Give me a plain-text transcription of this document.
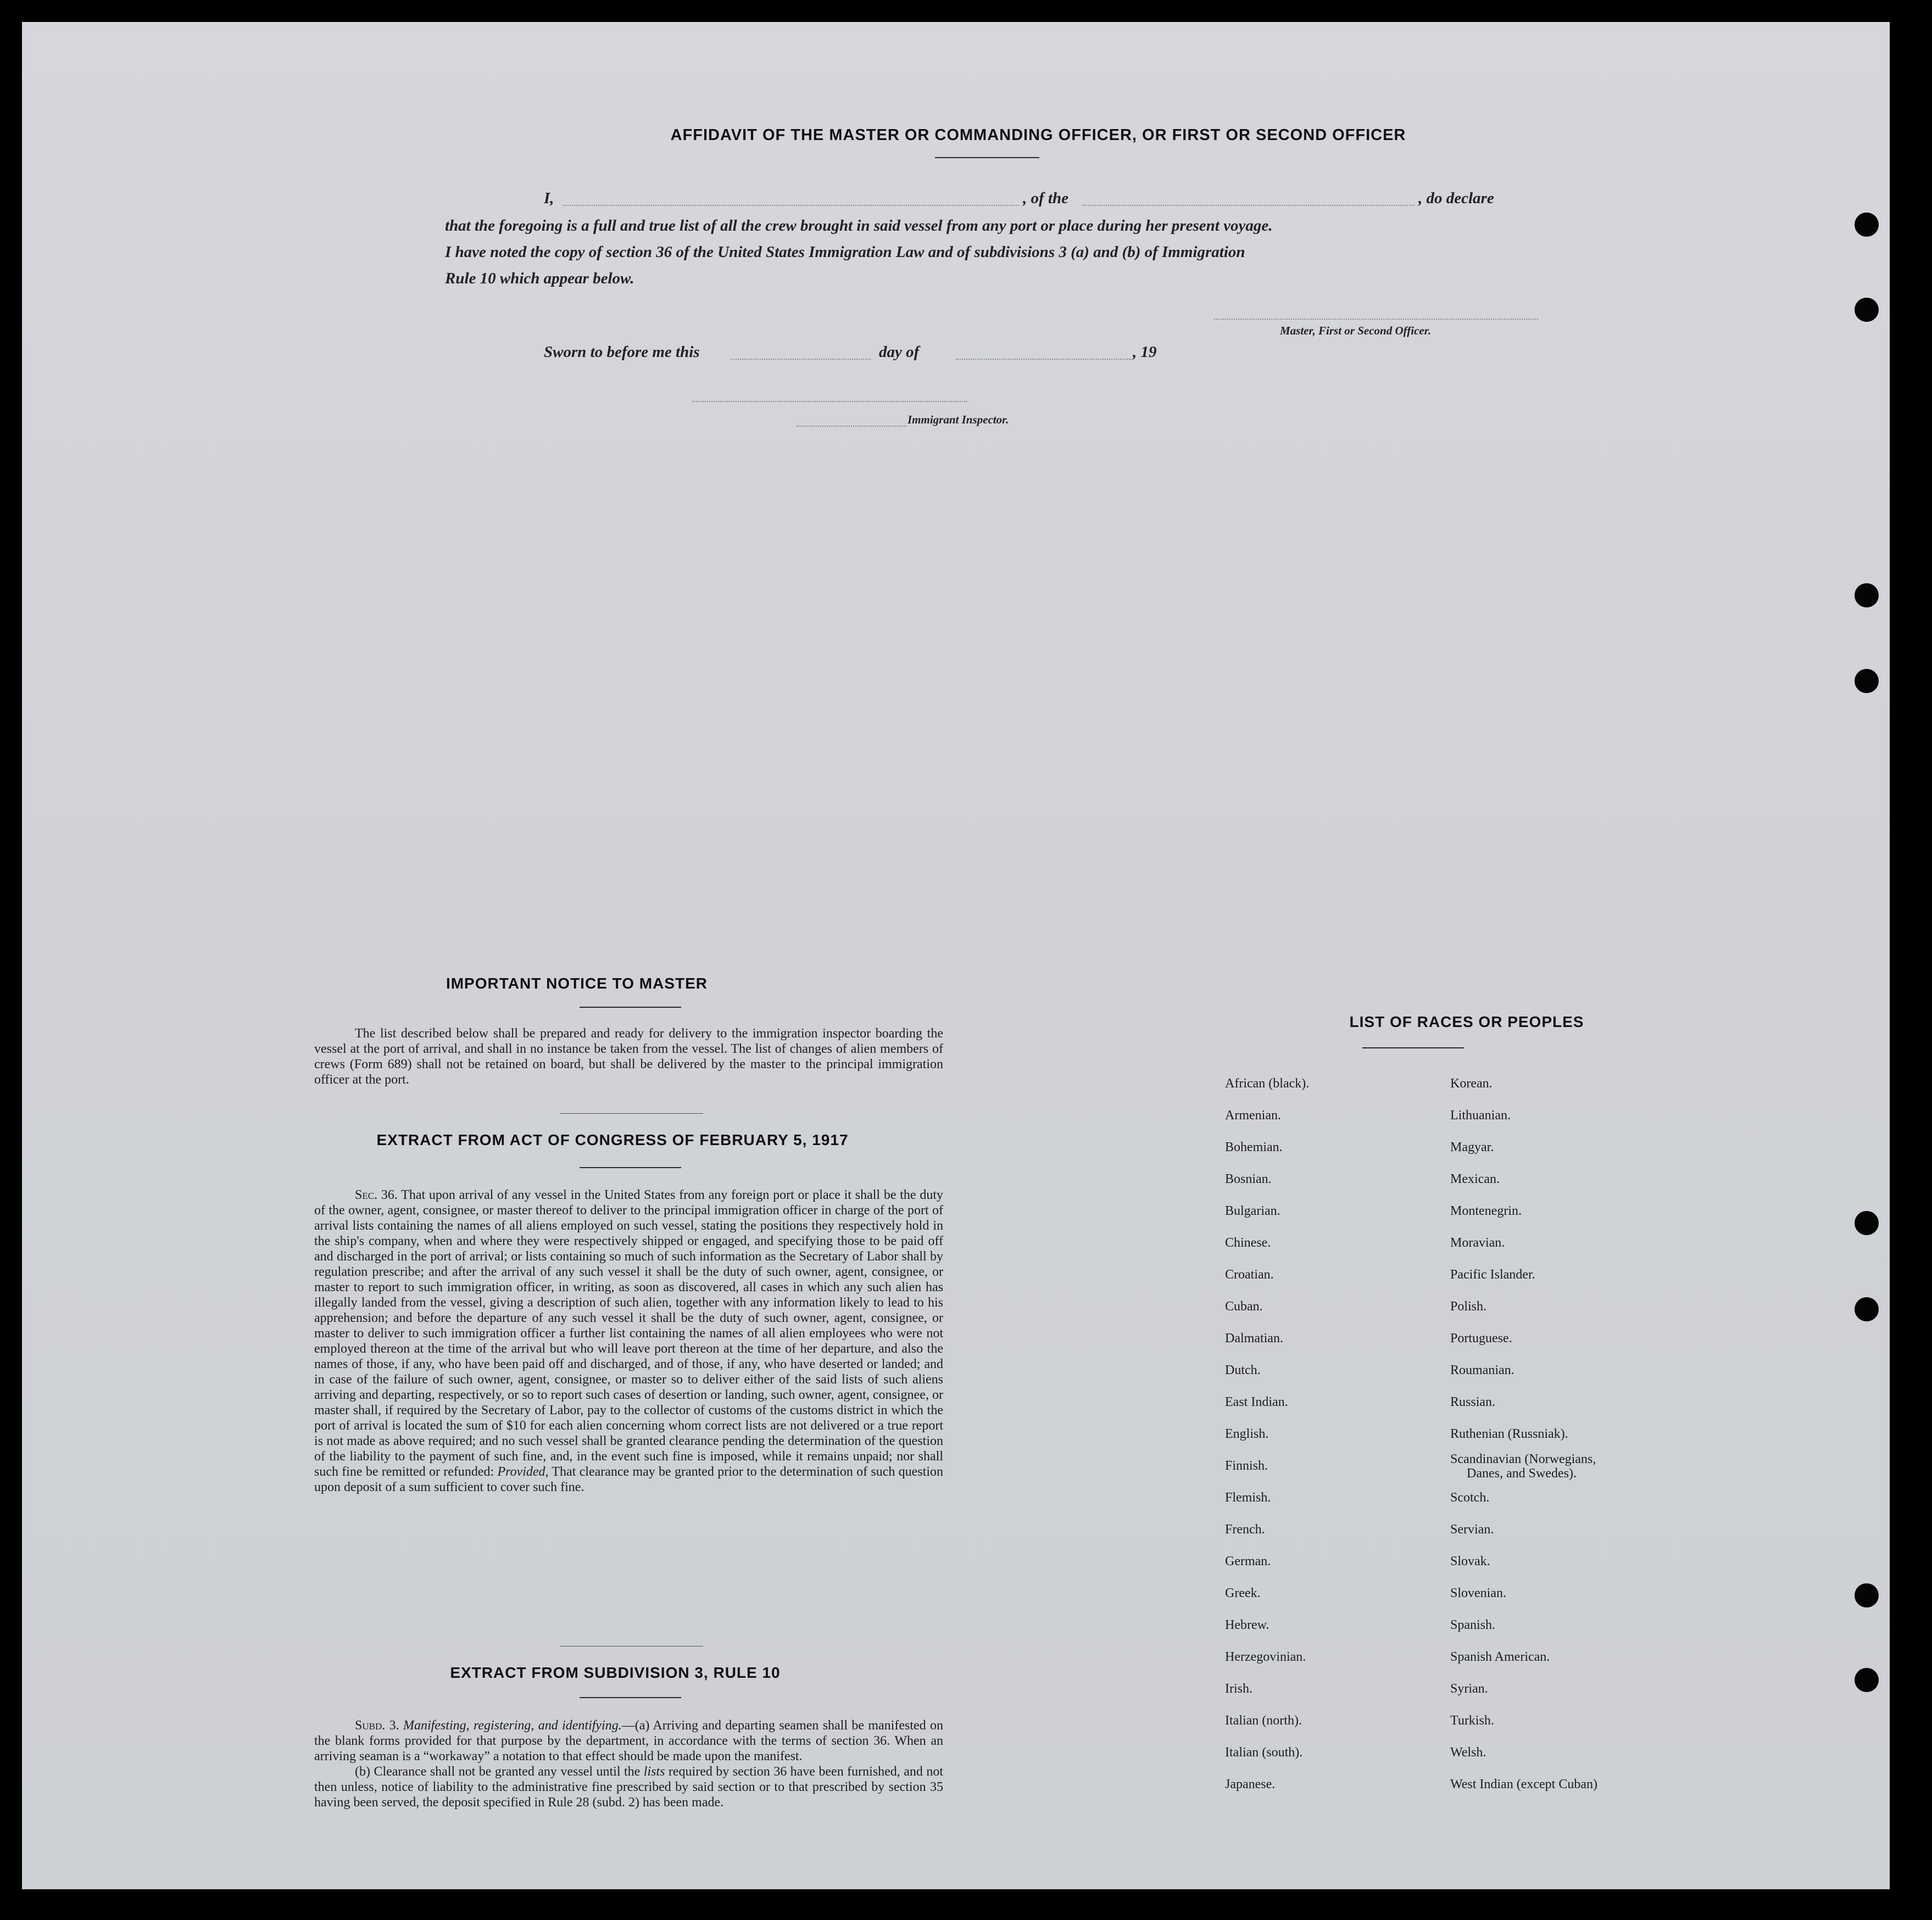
AFFIDAVIT OF THE MASTER OR COMMANDING OFFICER, OR FIRST OR SECOND OFFICER
I,	, of the	, do declare
that the foregoing is a full and true list of all the crew brought in said vessel from any port or place during her present voyage.
I have noted the copy of section 36 of the United States Immigration Law and of subdivisions 3 (a) and (b) of Immigration
Rule 10 which appear below.
Master, First or Second Officer.
Sworn to before me this	day of	, 19
Immigrant Inspector.
IMPORTANT NOTICE TO MASTER

The list described below shall be prepared and ready for delivery to the immigration inspector boarding the vessel at the port of arrival, and shall in no instance be taken from the vessel. The list of changes of alien members of crews (Form 689) shall not be retained on board, but shall be delivered by the master to the principal immigration officer at the port.

EXTRACT FROM ACT OF CONGRESS OF FEBRUARY 5, 1917

Sec. 36. That upon arrival of any vessel in the United States from any foreign port or place it shall be the duty of the owner, agent, consignee, or master thereof to deliver to the principal immigration officer in charge of the port of arrival lists containing the names of all aliens employed on such vessel, stating the positions they respectively hold in the ship's company, when and where they were respectively shipped or engaged, and specifying those to be paid off and discharged in the port of arrival; or lists containing so much of such information as the Secretary of Labor shall by regulation prescribe; and after the arrival of any such vessel it shall be the duty of such owner, agent, consignee, or master to report to such immigration officer, in writing, as soon as discovered, all cases in which any such alien has illegally landed from the vessel, giving a description of such alien, together with any information likely to lead to his apprehension; and before the departure of any such vessel it shall be the duty of such owner, agent, consignee, or master to deliver to such immigration officer a further list containing the names of all alien employees who were not employed thereon at the time of the arrival but who will leave port thereon at the time of her departure, and also the names of those, if any, who have been paid off and discharged, and of those, if any, who have deserted or landed; and in case of the failure of such owner, agent, consignee, or master so to deliver either of the said lists of such aliens arriving and departing, respectively, or so to report such cases of desertion or landing, such owner, agent, consignee, or master shall, if required by the Secretary of Labor, pay to the collector of customs of the customs district in which the port of arrival is located the sum of $10 for each alien concerning whom correct lists are not delivered or a true report is not made as above required; and no such vessel shall be granted clearance pending the determination of the question of the liability to the payment of such fine, and, in the event such fine is imposed, while it remains unpaid; nor shall such fine be remitted or refunded: Provided, That clearance may be granted prior to the determination of such question upon deposit of a sum sufficient to cover such fine.

EXTRACT FROM SUBDIVISION 3, RULE 10

Subd. 3. Manifesting, registering, and identifying.—(a) Arriving and departing seamen shall be manifested on the blank forms provided for that purpose by the department, in accordance with the terms of section 36. When an arriving seaman is a “workaway” a notation to that effect should be made upon the manifest.

(b) Clearance shall not be granted any vessel until the lists required by section 36 have been furnished, and not then unless, notice of liability to the administrative fine prescribed by said section or to that prescribed by section 35 having been served, the deposit specified in Rule 28 (subd. 2) has been made.

LIST OF RACES OR PEOPLES
African (black).	Korean.
Armenian.	Lithuanian.
Bohemian.	Magyar.
Bosnian.	Mexican.
Bulgarian.	Montenegrin.
Chinese.	Moravian.
Croatian.	Pacific Islander.
Cuban.	Polish.
Dalmatian.	Portuguese.
Dutch.	Roumanian.
East Indian.	Russian.
English.	Ruthenian (Russniak).
Finnish.	Scandinavian (Norwegians,
Danes, and Swedes).
Flemish.	Scotch.
French.	Servian.
German.	Slovak.
Greek.	Slovenian.
Hebrew.	Spanish.
Herzegovinian.	Spanish American.
Irish.	Syrian.
Italian (north).	Turkish.
Italian (south).	Welsh.
Japanese.	West Indian (except Cuban)
